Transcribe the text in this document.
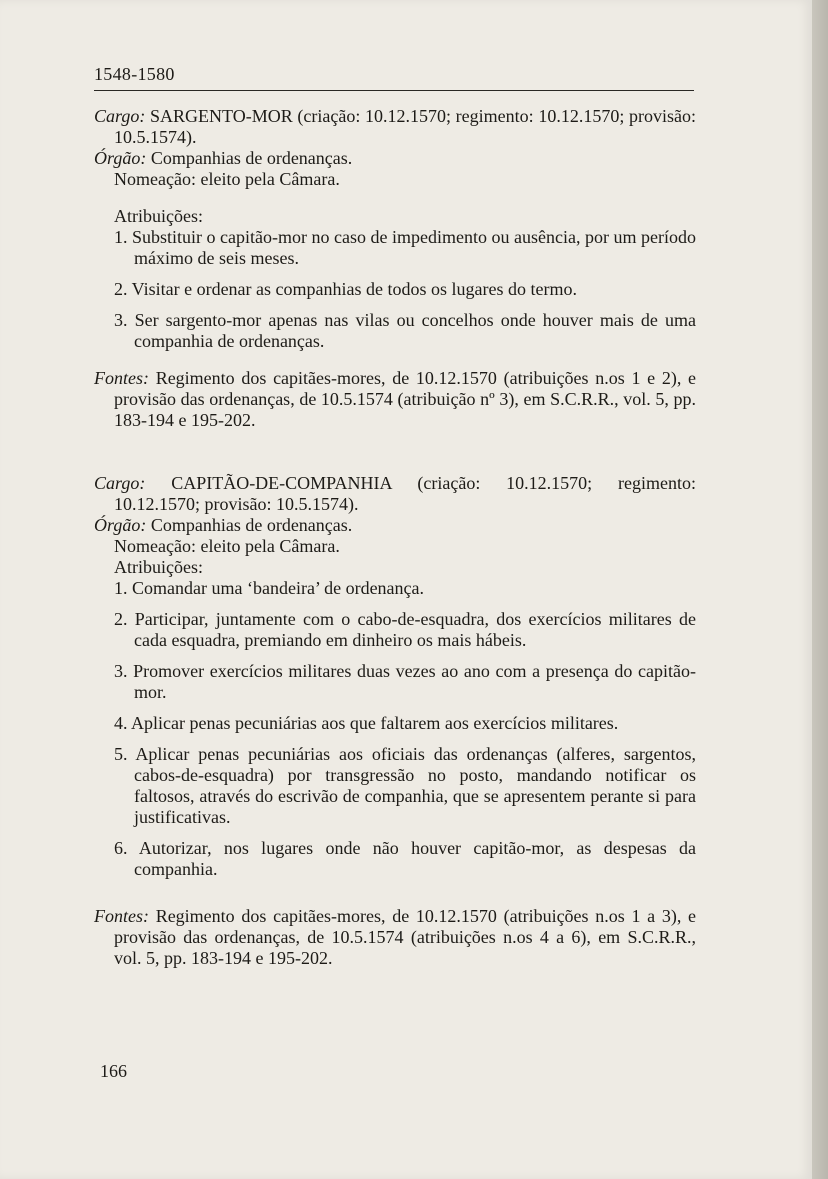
1548-1580

Cargo: SARGENTO-MOR (criação: 10.12.1570; regimento: 10.12.1570; provisão: 10.5.1574).

Órgão: Companhias de ordenanças.

Nomeação: eleito pela Câmara.

Atribuições:

1. Substituir o capitão-mor no caso de impedimento ou ausência, por um período máximo de seis meses.

2. Visitar e ordenar as companhias de todos os lugares do termo.

3. Ser sargento-mor apenas nas vilas ou concelhos onde houver mais de uma companhia de ordenanças.

Fontes: Regimento dos capitães-mores, de 10.12.1570 (atribuições n.os 1 e 2), e provisão das ordenanças, de 10.5.1574 (atribuição nº 3), em S.C.R.R., vol. 5, pp. 183-194 e 195-202.

Cargo: CAPITÃO-DE-COMPANHIA (criação: 10.12.1570; regimento: 10.12.1570; provisão: 10.5.1574).

Órgão: Companhias de ordenanças.

Nomeação: eleito pela Câmara.

Atribuições:

1. Comandar uma ‘bandeira’ de ordenança.

2. Participar, juntamente com o cabo-de-esquadra, dos exercícios militares de cada esquadra, premiando em dinheiro os mais hábeis.

3. Promover exercícios militares duas vezes ao ano com a presença do capitão-mor.

4. Aplicar penas pecuniárias aos que faltarem aos exercícios militares.

5. Aplicar penas pecuniárias aos oficiais das ordenanças (alferes, sargentos, cabos-de-esquadra) por transgressão no posto, mandando notificar os faltosos, através do escrivão de companhia, que se apresentem perante si para justificativas.

6. Autorizar, nos lugares onde não houver capitão-mor, as despesas da companhia.

Fontes: Regimento dos capitães-mores, de 10.12.1570 (atribuições n.os 1 a 3), e provisão das ordenanças, de 10.5.1574 (atribuições n.os 4 a 6), em S.C.R.R., vol. 5, pp. 183-194 e 195-202.

166
